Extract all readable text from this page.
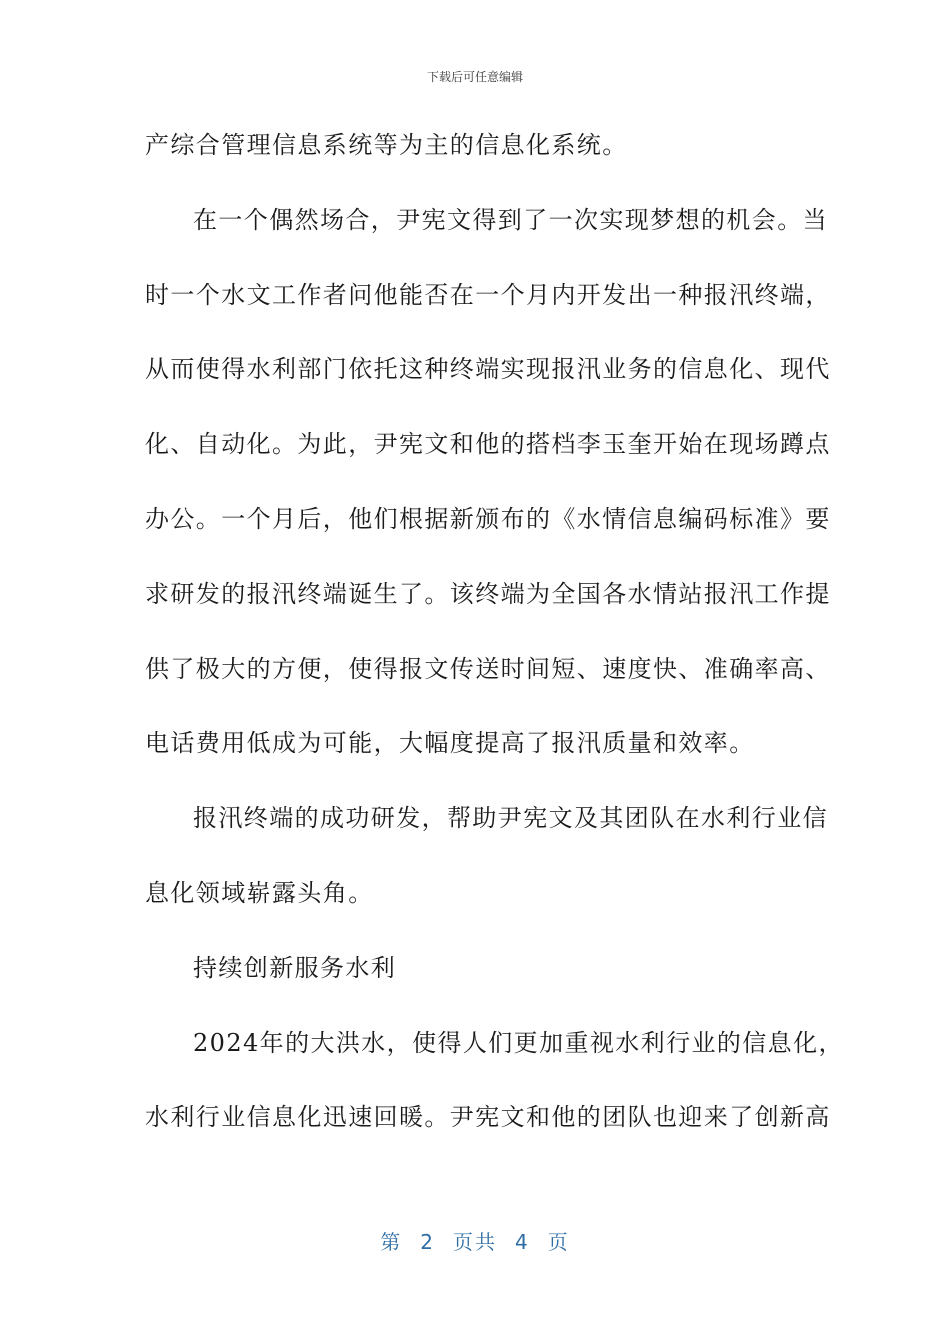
下载后可任意编辑
产综合管理信息系统等为主的信息化系统。
在一个偶然场合，尹宪文得到了一次实现梦想的机会。当
时一个水文工作者问他能否在一个月内开发出一种报汛终端，
从而使得水利部门依托这种终端实现报汛业务的信息化、现代
化、自动化。为此，尹宪文和他的搭档李玉奎开始在现场蹲点
办公。一个月后，他们根据新颁布的《水情信息编码标准》要
求研发的报汛终端诞生了。该终端为全国各水情站报汛工作提
供了极大的方便，使得报文传送时间短、速度快、准确率高、
电话费用低成为可能，大幅度提高了报汛质量和效率。
报汛终端的成功研发，帮助尹宪文及其团队在水利行业信
息化领域崭露头角。
持续创新服务水利
2024年的大洪水，使得人们更加重视水利行业的信息化，
水利行业信息化迅速回暖。尹宪文和他的团队也迎来了创新高
第 2 页共 4 页
